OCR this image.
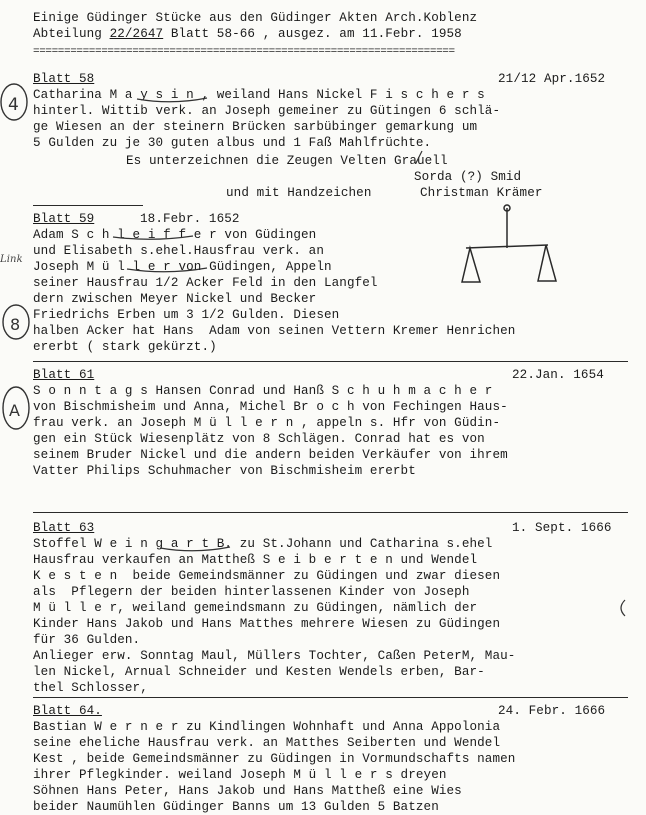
Einige Güdinger Stücke aus den Güdinger Akten Arch.Koblenz
Abteilung 22/2647 Blatt 58-66 , ausgez. am 11.Febr. 1958
====================================================================
Blatt 58	21/12 Apr.1652
Catharina M a y s i n , weiland Hans Nickel F i s c h e r s
hinterl. Wittib verk. an Joseph gemeiner zu Gütingen 6 schlä-
ge Wiesen an der steinern Brücken sarbübinger gemarkung um
5 Gulden zu je 30 guten albus und 1 Faß Mahlfrüchte.
Es unterzeichnen die Zeugen Velten Grauell
Sorda (?) Smid
und mit Handzeichen	Christman Krämer
Blatt 59	18.Febr. 1652
Adam S c h l e i f f e r von Güdingen
und Elisabeth s.ehel.Hausfrau verk. an
Joseph M ü l l e r von Güdingen, Appeln
seiner Hausfrau 1/2 Acker Feld in den Langfel
dern zwischen Meyer Nickel und Becker
Friedrichs Erben um 3 1/2 Gulden. Diesen
halben Acker hat Hans  Adam von seinen Vettern Kremer Henrichen
ererbt ( stark gekürzt.)
Blatt 61	22.Jan. 1654
S o n n t a g s Hansen Conrad und Hanß S c h u h m a c h e r
von Bischmisheim und Anna, Michel Br o c h von Fechingen Haus-
frau verk. an Joseph M ü l l e r n , appeln s. Hfr von Güdin-
gen ein Stück Wiesenplätz von 8 Schlägen. Conrad hat es von
seinem Bruder Nickel und die andern beiden Verkäufer von ihrem
Vatter Philips Schuhmacher von Bischmisheim ererbt
Blatt 63	1. Sept. 1666
Stoffel W e i n g a r t B. zu St.Johann und Catharina s.ehel
Hausfrau verkaufen an Mattheß S e i b e r t e n und Wendel
K e s t e n  beide Gemeindsmänner zu Güdingen und zwar diesen
als  Pflegern der beiden hinterlassenen Kinder von Joseph
M ü l l e r, weiland gemeindsmann zu Güdingen, nämlich der
Kinder Hans Jakob und Hans Matthes mehrere Wiesen zu Güdingen
für 36 Gulden.
Anlieger erw. Sonntag Maul, Müllers Tochter, Caßen PeterM, Mau-
len Nickel, Arnual Schneider und Kesten Wendels erben, Bar-
thel Schlosser,
Blatt 64.	24. Febr. 1666
Bastian W e r n e r zu Kindlingen Wohnhaft und Anna Appolonia
seine eheliche Hausfrau verk. an Matthes Seiberten und Wendel
Kest , beide Gemeindsmänner zu Güdingen in Vormundschafts namen
ihrer Pflegkinder. weiland Joseph M ü l l e r s dreyen
Söhnen Hans Peter, Hans Jakob und Hans Mattheß eine Wies
beider Naumühlen Güdinger Banns um 13 Gulden 5 Batzen
4
8
A
Link
